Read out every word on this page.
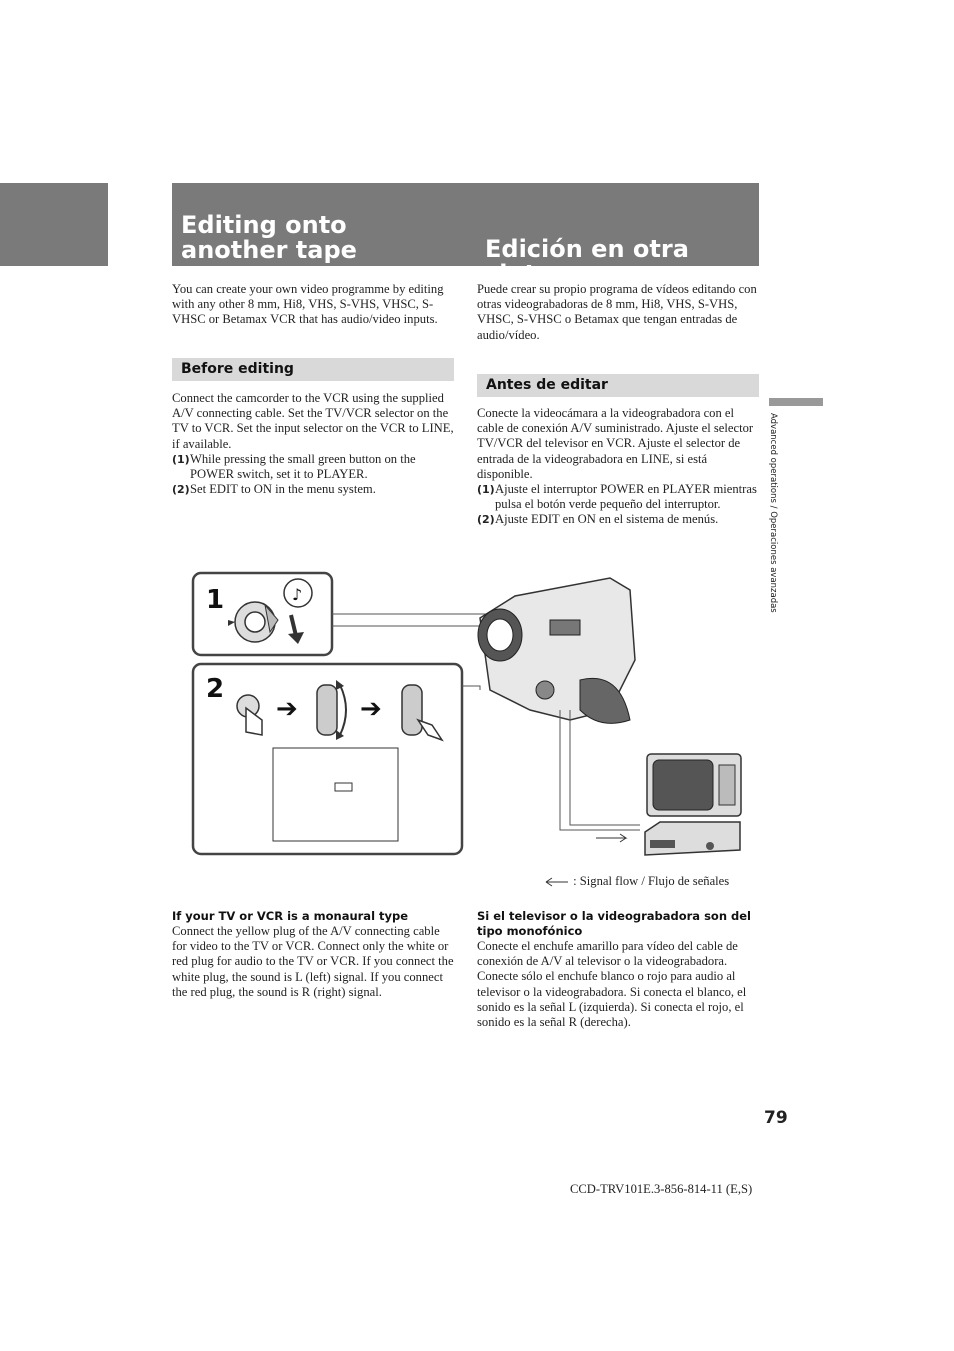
Editing onto another tape	Edición en otra cinta

You can create your own video programme by editing with any other 8 mm, Hi8, VHS, S-VHS, VHSC, S-VHSC or Betamax VCR that has audio/video inputs.

Puede crear su propio programa de vídeos editando con otras videograbadoras de 8 mm, Hi8, VHS, S-VHS, VHSC, S-VHSC o Betamax que tengan entradas de audio/vídeo.

Before editing

Connect the camcorder to the VCR using the supplied A/V connecting cable. Set the TV/VCR selector on the TV to VCR. Set the input selector on the VCR to LINE, if available.

(1) While pressing the small green button on the POWER switch, set it to PLAYER.
(2) Set EDIT to ON in the menu system.
Antes de editar

Conecte la videocámara a la videograbadora con el cable de conexión A/V suministrado. Ajuste el selector TV/VCR del televisor en VCR. Ajuste el selector de entrada de la videograbadora en LINE, si está disponible.

(1) Ajuste el interruptor POWER en PLAYER mientras pulsa el botón verde pequeño del interruptor.
(2) Ajuste EDIT en ON en el sistema de menús.	Advanced operations / Operaciones avanzadas
1	♪
2
➔ ➔
: Signal flow / Flujo de señales
If your TV or VCR is a monaural type

Connect the yellow plug of the A/V connecting cable for video to the TV or VCR. Connect only the white or red plug for audio to the TV or VCR. If you connect the white plug, the sound is L (left) signal. If you connect the red plug, the sound is R (right) signal.

Si el televisor o la videograbadora son del tipo monofónico

Conecte el enchufe amarillo para vídeo del cable de conexión de A/V al televisor o la videograbadora. Conecte sólo el enchufe blanco o rojo para audio al televisor o la videograbadora. Si conecta el blanco, el sonido es la señal L (izquierda). Si conecta el rojo, el sonido es la señal R (derecha).

79
CCD-TRV101E.3-856-814-11 (E,S)
